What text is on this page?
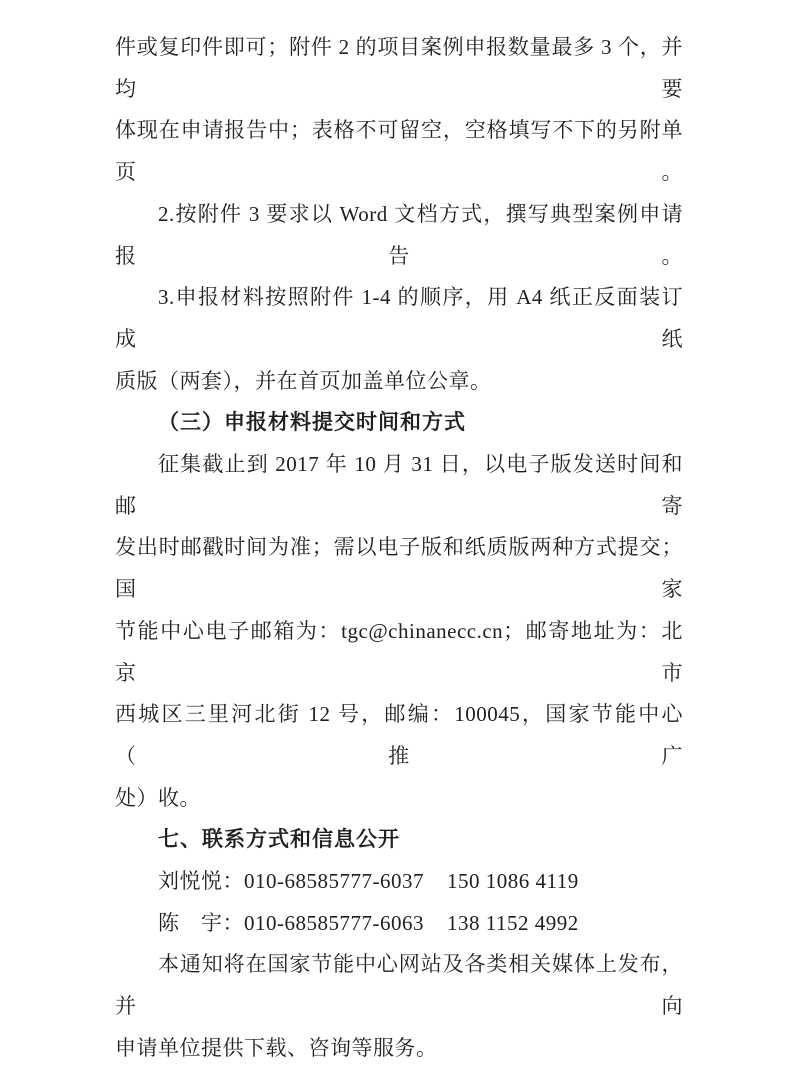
件或复印件即可；附件 2 的项目案例申报数量最多 3 个，并均要
体现在申请报告中；表格不可留空，空格填写不下的另附单页。
2.按附件 3 要求以 Word 文档方式，撰写典型案例申请报告。
3.申报材料按照附件 1-4 的顺序，用 A4 纸正反面装订成纸
质版（两套），并在首页加盖单位公章。
（三）申报材料提交时间和方式
征集截止到 2017 年 10 月 31 日，以电子版发送时间和邮寄
发出时邮戳时间为准；需以电子版和纸质版两种方式提交；国家
节能中心电子邮箱为：tgc@chinanecc.cn；邮寄地址为：北京市
西城区三里河北街 12 号，邮编：100045，国家节能中心（推广
处）收。
七、联系方式和信息公开
刘悦悦：010-68585777-6037    150 1086 4119
陈　宇：010-68585777-6063    138 1152 4992
本通知将在国家节能中心网站及各类相关媒体上发布，并向
申请单位提供下载、咨询等服务。
